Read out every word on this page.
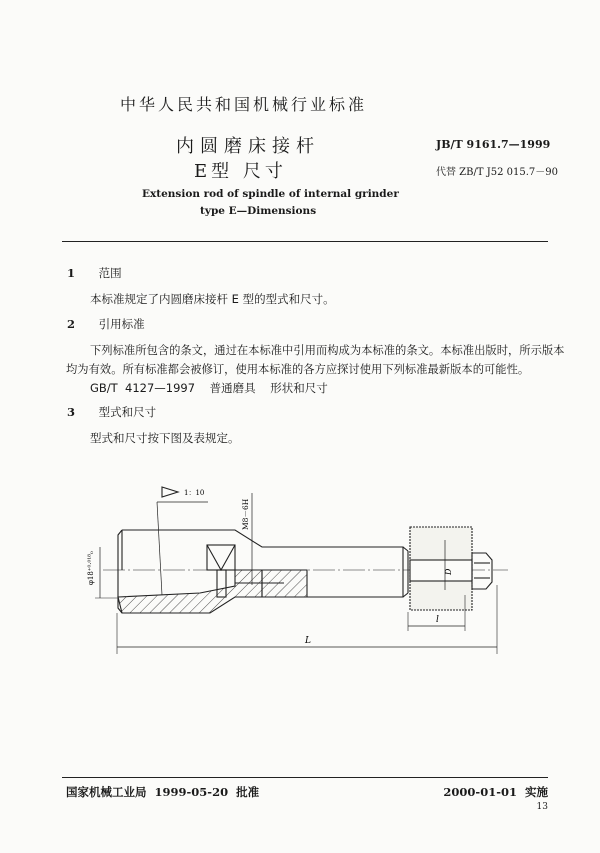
中华人民共和国机械行业标准
内圆磨床接杆
E型 尺寸
Extension rod of spindle of internal grinder
type E—Dimensions
JB/T 9161.7—1999
代替 ZB/T J52 015.7－90
1 范围
本标准规定了内圆磨床接杆 E 型的型式和尺寸。
2 引用标准
下列标准所包含的条文，通过在本标准中引用而构成为本标准的条文。本标准出版时，所示版本
均为有效。所有标准都会被修订，使用本标准的各方应探讨使用下列标准最新版本的可能性。
GB/T  4127—1997    普通磨具    形状和尺寸
3 型式和尺寸
型式和尺寸按下图及表规定。
1：10
M8－6H
φ18⁺⁰·⁰¹⁸₀
L
l
D
国家机械工业局  1999-05-20  批准	2000-01-01  实施
13
